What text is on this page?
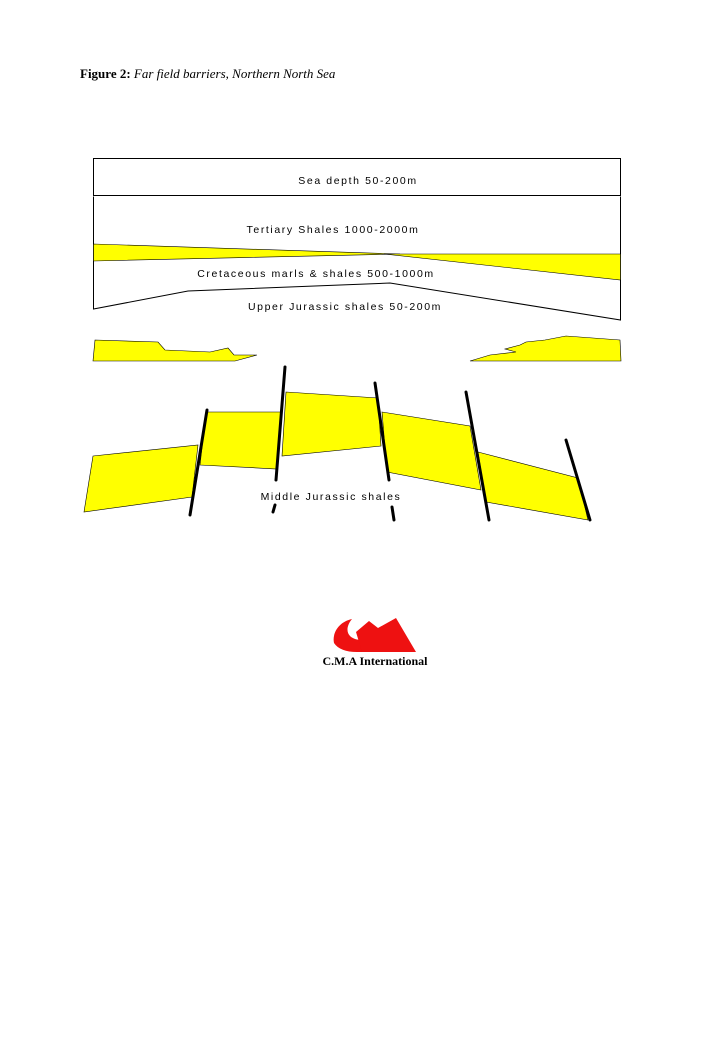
Figure 2: Far field barriers, Northern North Sea
Sea depth 50-200m
Tertiary Shales 1000-2000m
Cretaceous marls & shales 500-1000m
Upper Jurassic shales 50-200m
Middle Jurassic shales
C.M.A International
